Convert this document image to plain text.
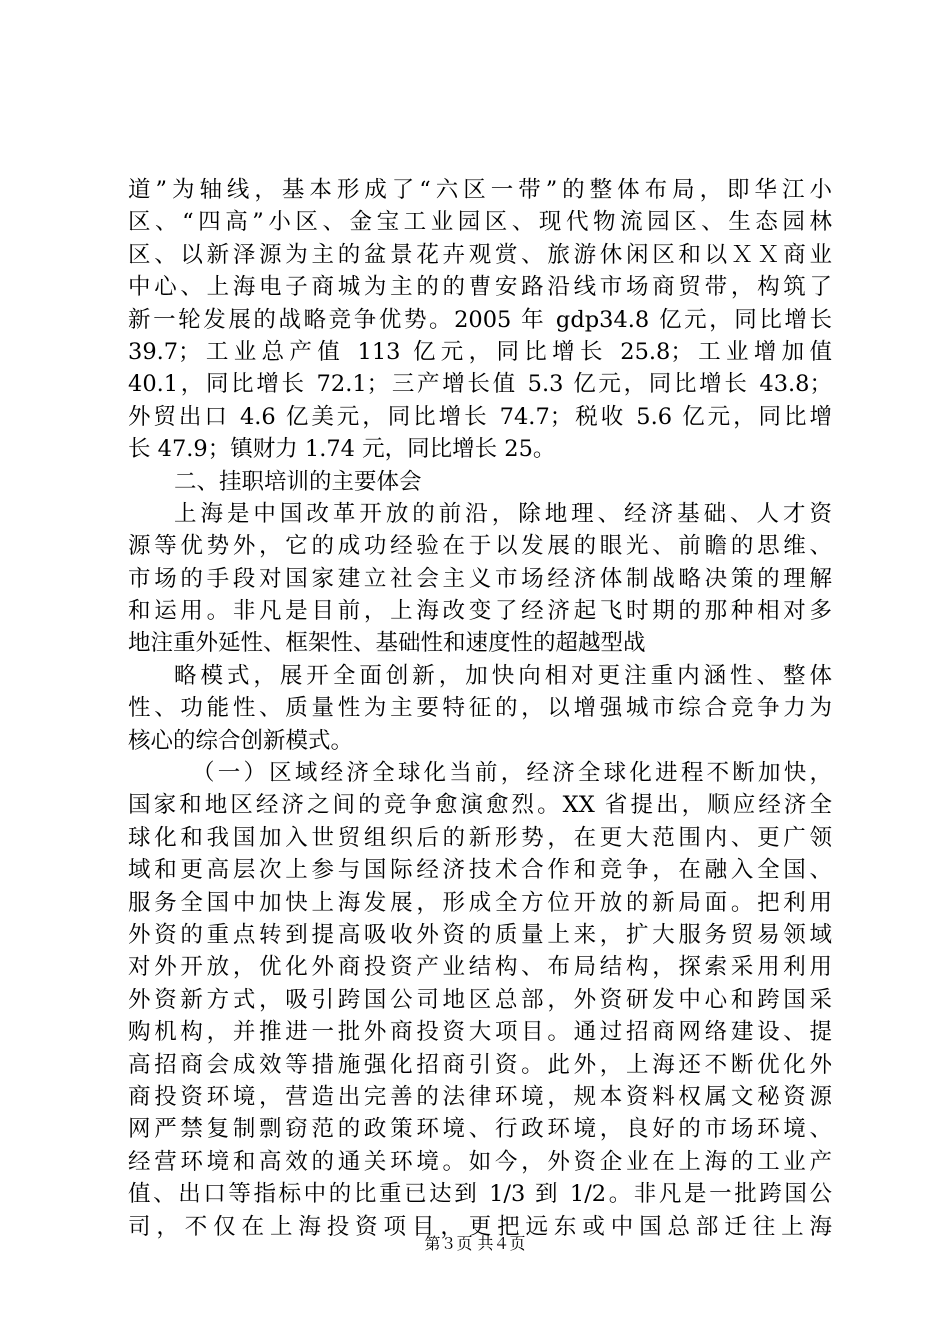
道”为轴线，基本形成了“六区一带”的整体布局，即华江小
区、“四高”小区、金宝工业园区、现代物流园区、生态园林
区、以新泽源为主的盆景花卉观赏、旅游休闲区和以ＸＸ商业
中心、上海电子商城为主的的曹安路沿线市场商贸带，构筑了
新一轮发展的战略竞争优势。2005 年 gdp34.8 亿元，同比增长
39.7；工业总产值 113 亿元，同比增长 25.8；工业增加值
40.1，同比增长 72.1；三产增长值 5.3 亿元，同比增长 43.8；
外贸出口 4.6 亿美元，同比增长 74.7；税收 5.6 亿元，同比增
长 47.9；镇财力 1.74 元，同比增长 25。
二、挂职培训的主要体会
上海是中国改革开放的前沿，除地理、经济基础、人才资
源等优势外，它的成功经验在于以发展的眼光、前瞻的思维、
市场的手段对国家建立社会主义市场经济体制战略决策的理解
和运用。非凡是目前，上海改变了经济起飞时期的那种相对多
地注重外延性、框架性、基础性和速度性的超越型战
略模式，展开全面创新，加快向相对更注重内涵性、整体
性、功能性、质量性为主要特征的，以增强城市综合竞争力为
核心的综合创新模式。
（一）区域经济全球化当前，经济全球化进程不断加快，
国家和地区经济之间的竞争愈演愈烈。XX 省提出，顺应经济全
球化和我国加入世贸组织后的新形势，在更大范围内、更广领
域和更高层次上参与国际经济技术合作和竞争，在融入全国、
服务全国中加快上海发展，形成全方位开放的新局面。把利用
外资的重点转到提高吸收外资的质量上来，扩大服务贸易领域
对外开放，优化外商投资产业结构、布局结构，探索采用利用
外资新方式，吸引跨国公司地区总部，外资研发中心和跨国采
购机构，并推进一批外商投资大项目。通过招商网络建设、提
高招商会成效等措施强化招商引资。此外，上海还不断优化外
商投资环境，营造出完善的法律环境，规本资料权属文秘资源
网严禁复制剽窃范的政策环境、行政环境，良好的市场环境、
经营环境和高效的通关环境。如今，外资企业在上海的工业产
值、出口等指标中的比重已达到 1/3 到 1/2。非凡是一批跨国公
司，不仅在上海投资项目，更把远东或中国总部迁往上海
第３页 共４页
